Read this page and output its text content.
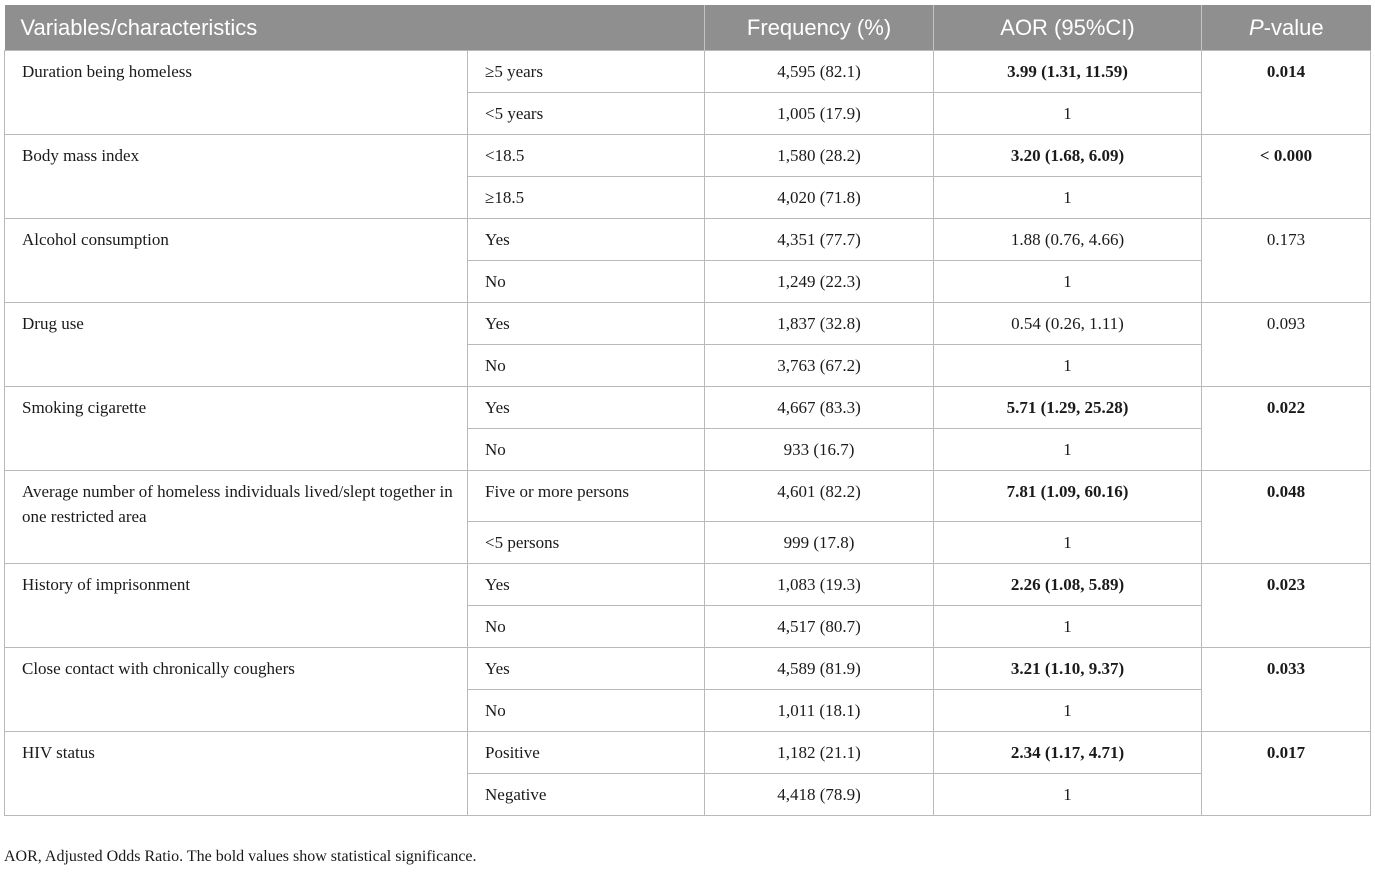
Variables/characteristics		Frequency (%)	AOR (95%CI)	P-value
Duration being homeless	≥5 years	4,595 (82.1)	3.99 (1.31, 11.59)	0.014
	<5 years	1,005 (17.9)	1	
Body mass index	<18.5	1,580 (28.2)	3.20 (1.68, 6.09)	< 0.000
	≥18.5	4,020 (71.8)	1	
Alcohol consumption	Yes	4,351 (77.7)	1.88 (0.76, 4.66)	0.173
	No	1,249 (22.3)	1	
Drug use	Yes	1,837 (32.8)	0.54 (0.26, 1.11)	0.093
	No	3,763 (67.2)	1	
Smoking cigarette	Yes	4,667 (83.3)	5.71 (1.29, 25.28)	0.022
	No	933 (16.7)	1	
Average number of homeless individuals lived/slept together in one restricted area	Five or more persons	4,601 (82.2)	7.81 (1.09, 60.16)	0.048
	<5 persons	999 (17.8)	1	
History of imprisonment	Yes	1,083 (19.3)	2.26 (1.08, 5.89)	0.023
	No	4,517 (80.7)	1	
Close contact with chronically coughers	Yes	4,589 (81.9)	3.21 (1.10, 9.37)	0.033
	No	1,011 (18.1)	1	
HIV status	Positive	1,182 (21.1)	2.34 (1.17, 4.71)	0.017
	Negative	4,418 (78.9)	1	
AOR, Adjusted Odds Ratio. The bold values show statistical significance.
